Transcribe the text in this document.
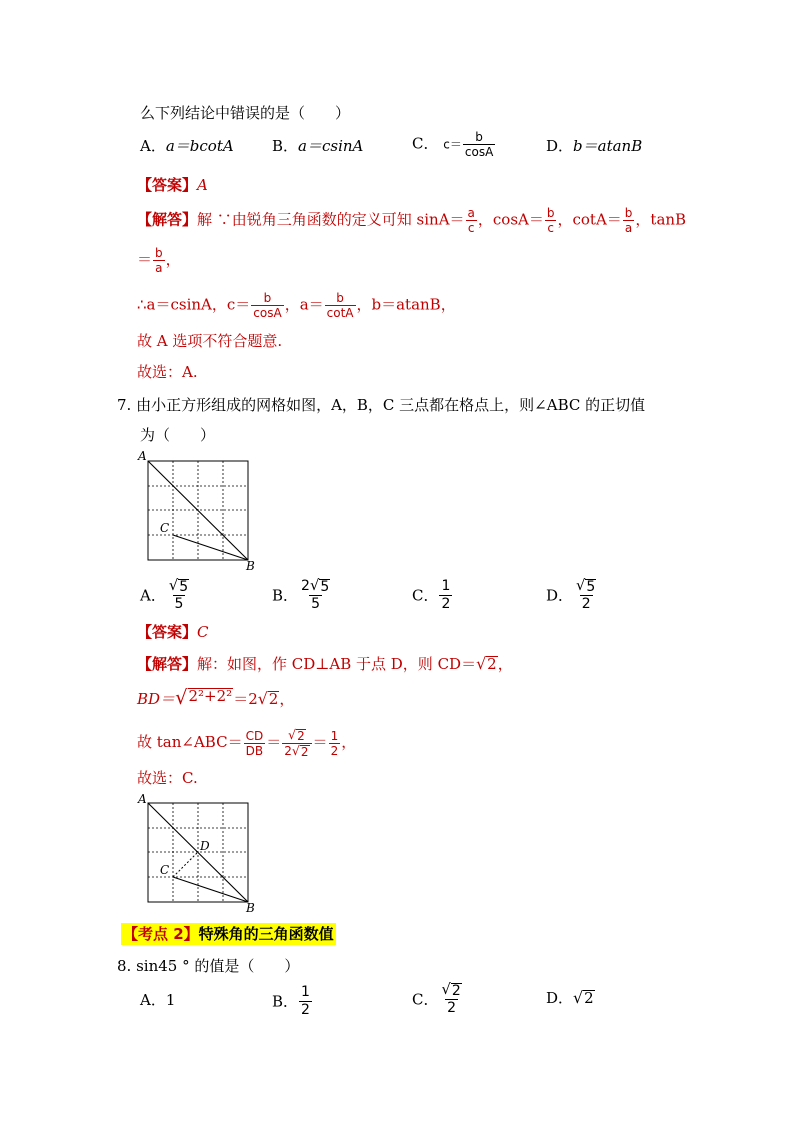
么下列结论中错误的是（　　）
A．a＝bcotA	B．a＝csinA	C． $c= \frac{b}{\cos A}$	D．b＝atanB
【答案】A
【解答】解 ∵由锐角三角函数的定义可知 $\sin A= \frac{a}{c}$ ，$\cos A= \frac{b}{c}$ ，$\cot A= \frac{b}{a}$ ，tanB
＝ $\frac{b}{a}$ ，
∴a＝csinA，$c= \frac{b}{\cos A}$ ，$a= \frac{b}{\cot A}$ ，b＝atanB，
故 A 选项不符合题意.
故选：A.
7. 由小正方形组成的网格如图，A，B，C 三点都在格点上，则∠ABC 的正切值
为（　　）
A
B
C
A． $\frac{√ 5}{5}$	B． $\frac{2 √ 5}{5}$	C． $\frac{1}{2}$	D． $\frac{√ 5}{2}$
【答案】C
【解答】解：如图，作 CD⊥AB 于点 D，则 CD＝ √ 2 ，
BD＝ √ 2²+2² ＝2 √ 2 ，
故 tan∠ABC＝ $\frac{CD}{DB} = \frac{√ 2}{2 √ 2} = \frac{1}{2}$ ，
故选：C.
A
B
C
D
【考点 2】特殊角的三角函数值
8. sin45 ° 的值是（　　）
A．1	B． $\frac{1}{2}$	C． $\frac{√ 2}{2}$	D． √ 2
